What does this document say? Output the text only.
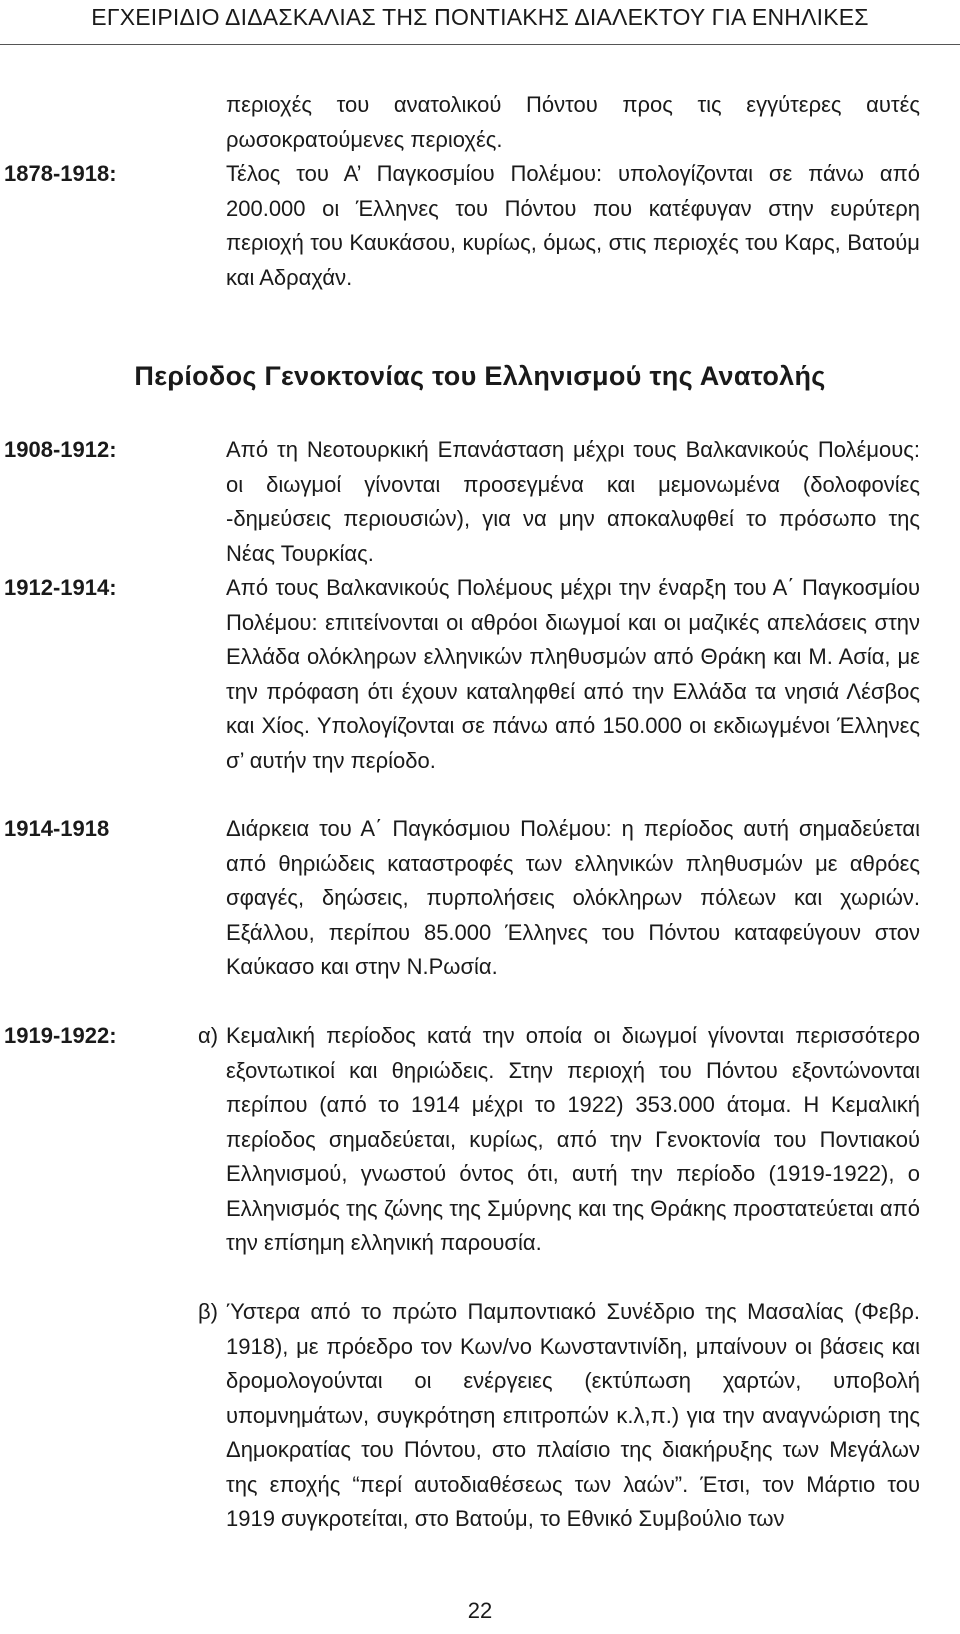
ΕΓΧΕΙΡΙΔΙΟ ΔΙΔΑΣΚΑΛΙΑΣ ΤΗΣ ΠΟΝΤΙΑΚΗΣ ΔΙΑΛΕΚΤΟΥ ΓΙΑ ΕΝΗΛΙΚΕΣ
περιοχές του ανατολικού Πόντου προς τις εγγύτερες αυτές ρωσοκρατούμενες περιοχές.
1878-1918:	Τέλος του Α’ Παγκοσμίου Πολέμου: υπολογίζονται σε πάνω από 200.000 οι Έλληνες του Πόντου που κατέφυγαν στην ευρύτερη περιοχή του Καυκάσου, κυρίως, όμως, στις περιοχές του Καρς, Βατούμ και Αδραχάν.
Περίοδος Γενοκτονίας του Ελληνισμού της Ανατολής
1908-1912:	Από τη Νεοτουρκική Επανάσταση μέχρι τους Βαλκανικούς Πολέμους: οι διωγμοί γίνονται προσεγμένα και μεμονωμένα (δολοφονίες -δημεύσεις περιουσιών), για να μην αποκαλυφθεί το πρόσωπο της Νέας Τουρκίας.
1912-1914:	Από τους Βαλκανικούς Πολέμους μέχρι την έναρξη του Α΄ Παγκοσμίου Πολέμου: επιτείνονται οι αθρόοι διωγμοί και οι μαζικές απελάσεις στην Ελλάδα ολόκληρων ελληνικών πληθυσμών από Θράκη και Μ. Ασία, με την πρόφαση ότι έχουν καταληφθεί από την Ελλάδα τα νησιά Λέσβος και Χίος. Υπολογίζονται σε πάνω από 150.000 οι εκδιωγμένοι Έλληνες σ’ αυτήν την περίοδο.
1914-1918	Διάρκεια του Α΄ Παγκόσμιου Πολέμου: η περίοδος αυτή σημαδεύεται από θηριώδεις καταστροφές των ελληνικών πληθυσμών με αθρόες σφαγές, δηώσεις, πυρπολήσεις ολόκληρων πόλεων και χωριών. Εξάλλου, περίπου 85.000 Έλληνες του Πόντου καταφεύγουν στον Καύκασο και στην Ν.Ρωσία.
1919-1922:	α) Κεμαλική περίοδος κατά την οποία οι διωγμοί γίνονται περισσότερο εξοντωτικοί και θηριώδεις. Στην περιοχή του Πόντου εξοντώνονται περίπου (από το 1914 μέχρι το 1922) 353.000 άτομα. Η Κεμαλική περίοδος σημαδεύεται, κυρίως, από την Γενοκτονία του Ποντιακού Ελληνισμού, γνωστού όντος ότι, αυτή την περίοδο (1919-1922), ο Ελληνισμός της ζώνης της Σμύρνης και της Θράκης προστατεύεται από την επίσημη ελληνική παρουσία.
β) Ύστερα από το πρώτο Παμποντιακό Συνέδριο της Μασαλίας (Φεβρ. 1918), με πρόεδρο τον Κων/νο Κωνσταντινίδη, μπαίνουν οι βάσεις και δρομολογούνται οι ενέργειες (εκτύπωση χαρτών, υποβολή υπομνημάτων, συγκρότηση επιτροπών κ.λ,π.) για την αναγνώριση της Δημοκρατίας του Πόντου, στο πλαίσιο της διακήρυξης των Μεγάλων της εποχής “περί αυτοδιαθέσεως των λαών”. Έτσι, τον Μάρτιο του 1919 συγκροτείται, στο Βατούμ, το Εθνικό Συμβούλιο των
22
